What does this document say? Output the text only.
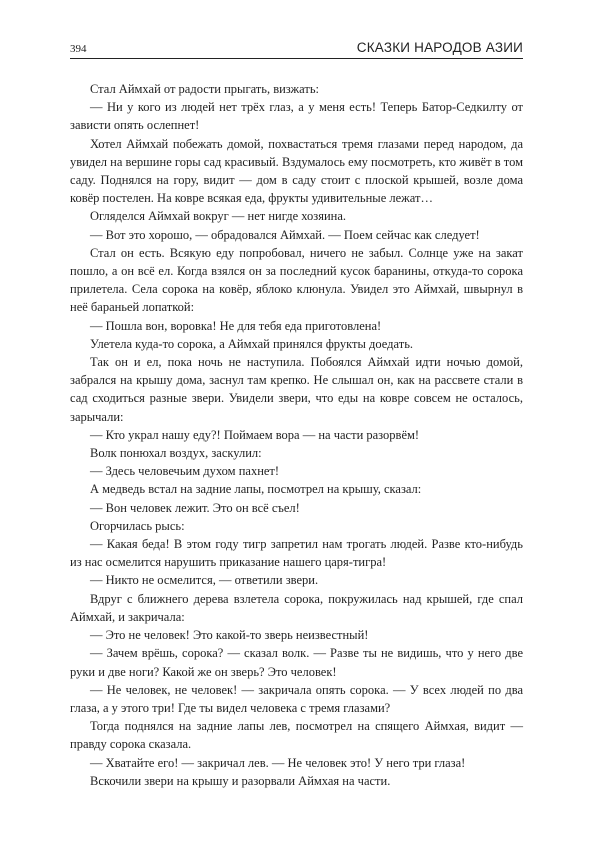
394	СКАЗКИ НАРОДОВ АЗИИ

Стал Аймхай от радости прыгать, визжать:

— Ни у кого из людей нет трёх глаз, а у меня есть! Теперь Батор-Седкилту от зависти опять ослепнет!

Хотел Аймхай побежать домой, похвастаться тремя глазами перед народом, да увидел на вершине горы сад красивый. Вздумалось ему посмотреть, кто живёт в том саду. Поднялся на гору, видит — дом в саду стоит с плоской крышей, возле дома ковёр постелен. На ковре всякая еда, фрукты удивительные лежат…

Огляделся Аймхай вокруг — нет нигде хозяина.

— Вот это хорошо, — обрадовался Аймхай. — Поем сейчас как следует!

Стал он есть. Всякую еду попробовал, ничего не забыл. Солнце уже на закат пошло, а он всё ел. Когда взялся он за последний кусок баранины, откуда-то сорока прилетела. Села сорока на ковёр, яблоко клюнула. Увидел это Аймхай, швырнул в неё бараньей лопаткой:

— Пошла вон, воровка! Не для тебя еда приготовлена!

Улетела куда-то сорока, а Аймхай принялся фрукты доедать.

Так он и ел, пока ночь не наступила. Побоялся Аймхай идти ночью домой, забрался на крышу дома, заснул там крепко. Не слышал он, как на рассвете стали в сад сходиться разные звери. Увидели звери, что еды на ковре совсем не осталось, зарычали:

— Кто украл нашу еду?! Поймаем вора — на части разорвём!

Волк понюхал воздух, заскулил:

— Здесь человечьим духом пахнет!

А медведь встал на задние лапы, посмотрел на крышу, сказал:

— Вон человек лежит. Это он всё съел!

Огорчилась рысь:

— Какая беда! В этом году тигр запретил нам трогать людей. Разве кто-нибудь из нас осмелится нарушить приказание нашего царя-тигра!

— Никто не осмелится, — ответили звери.

Вдруг с ближнего дерева взлетела сорока, покружилась над крышей, где спал Аймхай, и закричала:

— Это не человек! Это какой-то зверь неизвестный!

— Зачем врёшь, сорока? — сказал волк. — Разве ты не видишь, что у него две руки и две ноги? Какой же он зверь? Это человек!

— Не человек, не человек! — закричала опять сорока. — У всех людей по два глаза, а у этого три! Где ты видел человека с тремя глазами?

Тогда поднялся на задние лапы лев, посмотрел на спящего Аймхая, видит — правду сорока сказала.

— Хватайте его! — закричал лев. — Не человек это! У него три глаза!

Вскочили звери на крышу и разорвали Аймхая на части.
